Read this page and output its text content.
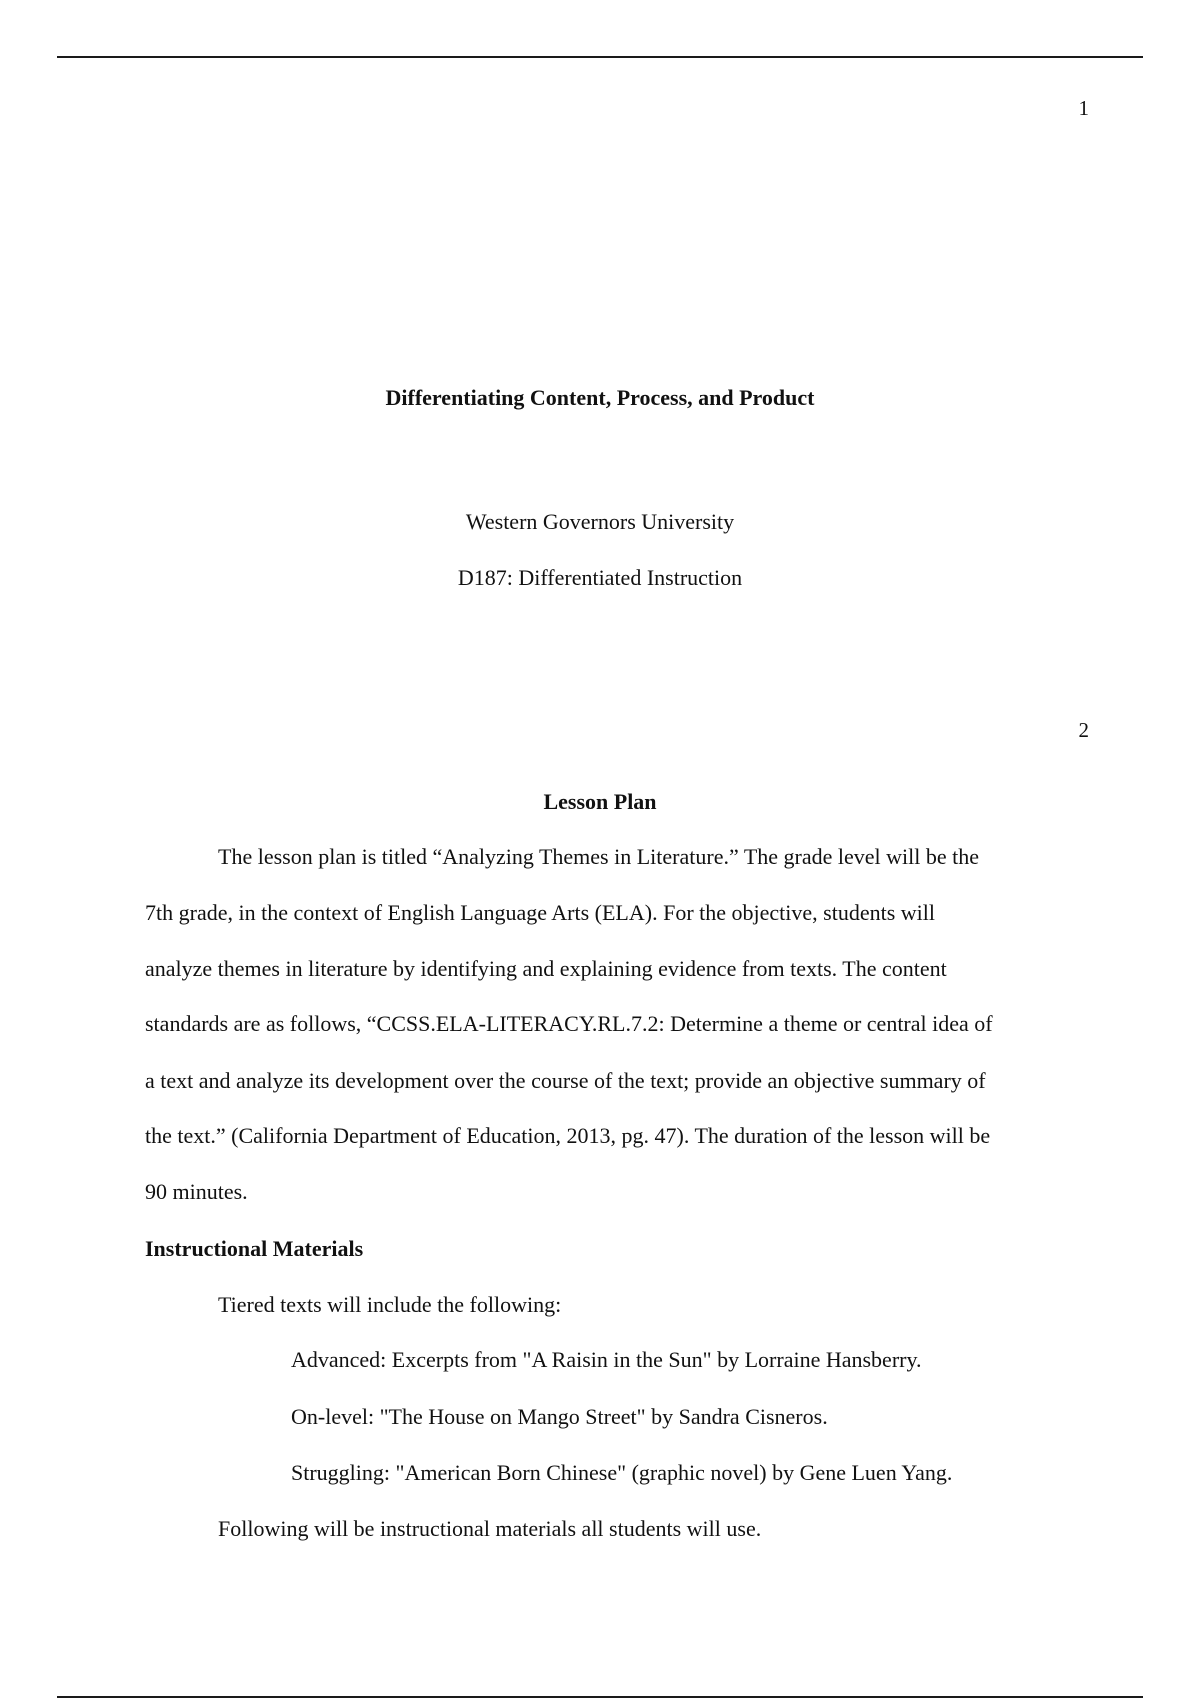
1
Differentiating Content, Process, and Product
Western Governors University
D187: Differentiated Instruction
2
Lesson Plan
The lesson plan is titled “Analyzing Themes in Literature.” The grade level will be the
7th grade, in the context of English Language Arts (ELA). For the objective, students will
analyze themes in literature by identifying and explaining evidence from texts. The content
standards are as follows, “CCSS.ELA-LITERACY.RL.7.2: Determine a theme or central idea of
a text and analyze its development over the course of the text; provide an objective summary of
the text.” (California Department of Education, 2013, pg. 47). The duration of the lesson will be
90 minutes.
Instructional Materials
Tiered texts will include the following:
Advanced: Excerpts from "A Raisin in the Sun" by Lorraine Hansberry.
On-level: "The House on Mango Street" by Sandra Cisneros.
Struggling: "American Born Chinese" (graphic novel) by Gene Luen Yang.
Following will be instructional materials all students will use.
